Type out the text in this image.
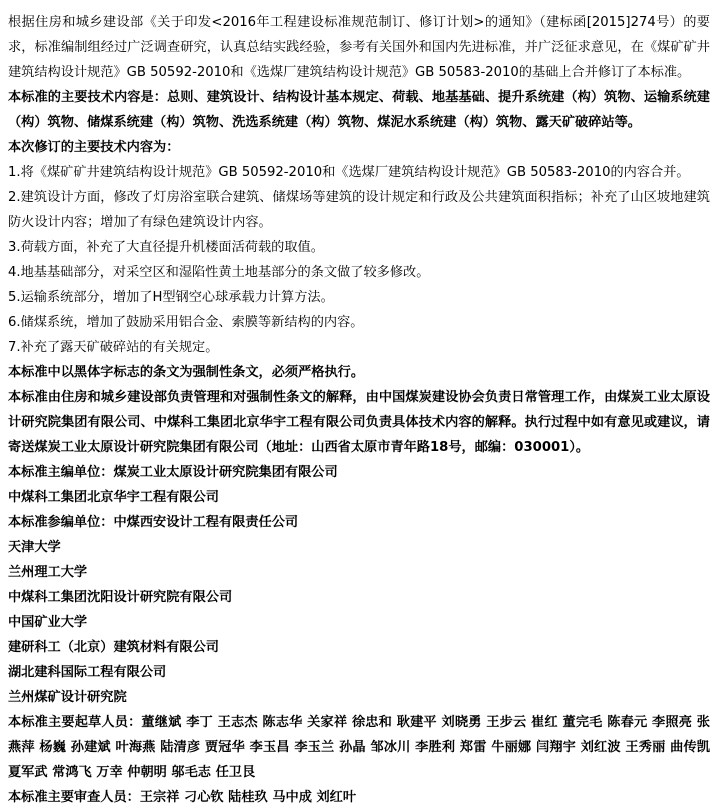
根据住房和城乡建设部《关于印发<2016年工程建设标准规范制订、修订计划>的通知》（建标函[2015]274号）的要求，标准编制组经过广泛调查研究，认真总结实践经验，参考有关国外和国内先进标准，并广泛征求意见，在《煤矿矿井建筑结构设计规范》GB 50592-2010和《选煤厂建筑结构设计规范》GB 50583-2010的基础上合并修订了本标准。

本标准的主要技术内容是：总则、建筑设计、结构设计基本规定、荷载、地基基础、提升系统建（构）筑物、运输系统建（构）筑物、储煤系统建（构）筑物、洗选系统建（构）筑物、煤泥水系统建（构）筑物、露天矿破碎站等。

本次修订的主要技术内容为：

1.将《煤矿矿井建筑结构设计规范》GB 50592-2010和《选煤厂建筑结构设计规范》GB 50583-2010的内容合并。

2.建筑设计方面，修改了灯房浴室联合建筑、储煤场等建筑的设计规定和行政及公共建筑面积指标；补充了山区坡地建筑防火设计内容；增加了有绿色建筑设计内容。

3.荷载方面，补充了大直径提升机楼面活荷载的取值。

4.地基基础部分，对采空区和湿陷性黄土地基部分的条文做了较多修改。

5.运输系统部分，增加了H型钢空心球承载力计算方法。

6.储煤系统，增加了鼓励采用铝合金、索膜等新结构的内容。

7.补充了露天矿破碎站的有关规定。

本标准中以黑体字标志的条文为强制性条文，必须严格执行。

本标准由住房和城乡建设部负责管理和对强制性条文的解释，由中国煤炭建设协会负责日常管理工作，由煤炭工业太原设计研究院集团有限公司、中煤科工集团北京华宇工程有限公司负责具体技术内容的解释。执行过程中如有意见或建议，请寄送煤炭工业太原设计研究院集团有限公司（地址：山西省太原市青年路18号，邮编：030001）。

本标准主编单位：煤炭工业太原设计研究院集团有限公司

中煤科工集团北京华宇工程有限公司

本标准参编单位：中煤西安设计工程有限责任公司

天津大学

兰州理工大学

中煤科工集团沈阳设计研究院有限公司

中国矿业大学

建研科工（北京）建筑材料有限公司

湖北建科国际工程有限公司

兰州煤矿设计研究院

本标准主要起草人员：董继斌 李丁 王志杰 陈志华 关家祥 徐忠和 耿建平 刘晓勇 王步云 崔红 董完毛 陈春元 李照亮 张燕萍 杨巍 孙建斌 叶海燕 陆清彦 贾冠华 李玉昌 李玉兰 孙晶 邹冰川 李胜利 郑雷 牛丽娜 闫翔宇 刘红波 王秀丽 曲传凯 夏军武 常鸿飞 万幸 仲朝明 邬毛志 任卫艮

本标准主要审查人员：王宗祥 刁心钦 陆桂玖 马中成 刘红叶
